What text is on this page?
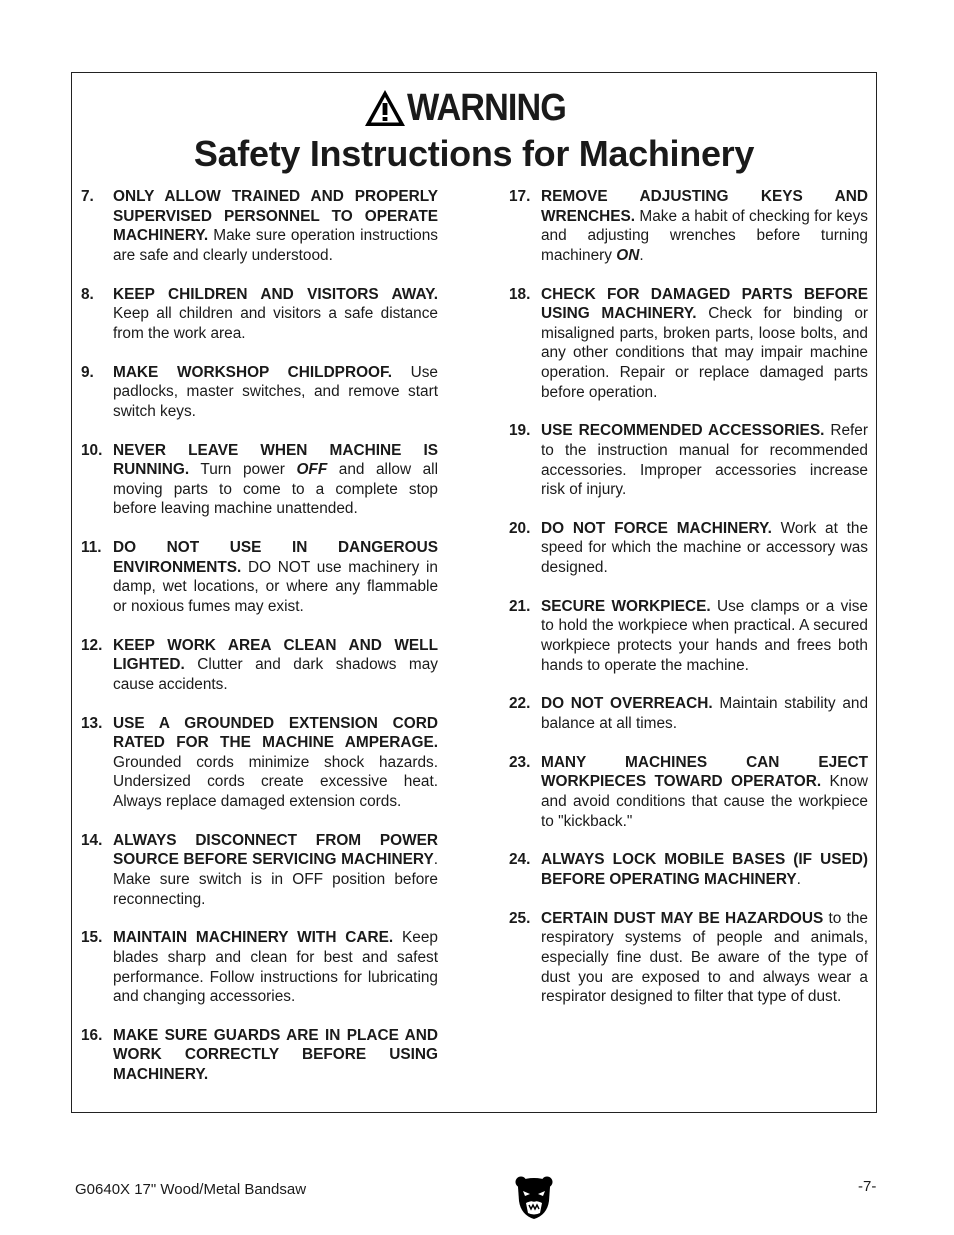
WARNING
Safety Instructions for Machinery
7. ONLY ALLOW TRAINED AND PROPERLY SUPERVISED PERSONNEL TO OPERATE MACHINERY. Make sure operation instructions are safe and clearly understood.
8. KEEP CHILDREN AND VISITORS AWAY. Keep all children and visitors a safe distance from the work area.
9. MAKE WORKSHOP CHILDPROOF. Use padlocks, master switches, and remove start switch keys.
10. NEVER LEAVE WHEN MACHINE IS RUNNING. Turn power OFF and allow all moving parts to come to a complete stop before leaving machine unattended.
11. DO NOT USE IN DANGEROUS ENVIRONMENTS. DO NOT use machinery in damp, wet locations, or where any flammable or noxious fumes may exist.
12. KEEP WORK AREA CLEAN AND WELL LIGHTED. Clutter and dark shadows may cause accidents.
13. USE A GROUNDED EXTENSION CORD RATED FOR THE MACHINE AMPERAGE. Grounded cords minimize shock hazards. Undersized cords create excessive heat. Always replace damaged extension cords.
14. ALWAYS DISCONNECT FROM POWER SOURCE BEFORE SERVICING MACHINERY. Make sure switch is in OFF position before reconnecting.
15. MAINTAIN MACHINERY WITH CARE. Keep blades sharp and clean for best and safest performance. Follow instructions for lubricating and changing accessories.
16. MAKE SURE GUARDS ARE IN PLACE AND WORK CORRECTLY BEFORE USING MACHINERY.
17. REMOVE ADJUSTING KEYS AND WRENCHES. Make a habit of checking for keys and adjusting wrenches before turning machinery ON.
18. CHECK FOR DAMAGED PARTS BEFORE USING MACHINERY. Check for binding or misaligned parts, broken parts, loose bolts, and any other conditions that may impair machine operation. Repair or replace damaged parts before operation.
19. USE RECOMMENDED ACCESSORIES. Refer to the instruction manual for recommended accessories. Improper accessories increase risk of injury.
20. DO NOT FORCE MACHINERY. Work at the speed for which the machine or accessory was designed.
21. SECURE WORKPIECE. Use clamps or a vise to hold the workpiece when practical. A secured workpiece protects your hands and frees both hands to operate the machine.
22. DO NOT OVERREACH. Maintain stability and balance at all times.
23. MANY MACHINES CAN EJECT WORKPIECES TOWARD OPERATOR. Know and avoid conditions that cause the workpiece to "kickback."
24. ALWAYS LOCK MOBILE BASES (IF USED) BEFORE OPERATING MACHINERY.
25. CERTAIN DUST MAY BE HAZARDOUS to the respiratory systems of people and animals, especially fine dust. Be aware of the type of dust you are exposed to and always wear a respirator designed to filter that type of dust.
G0640X 17" Wood/Metal Bandsaw	-7-
